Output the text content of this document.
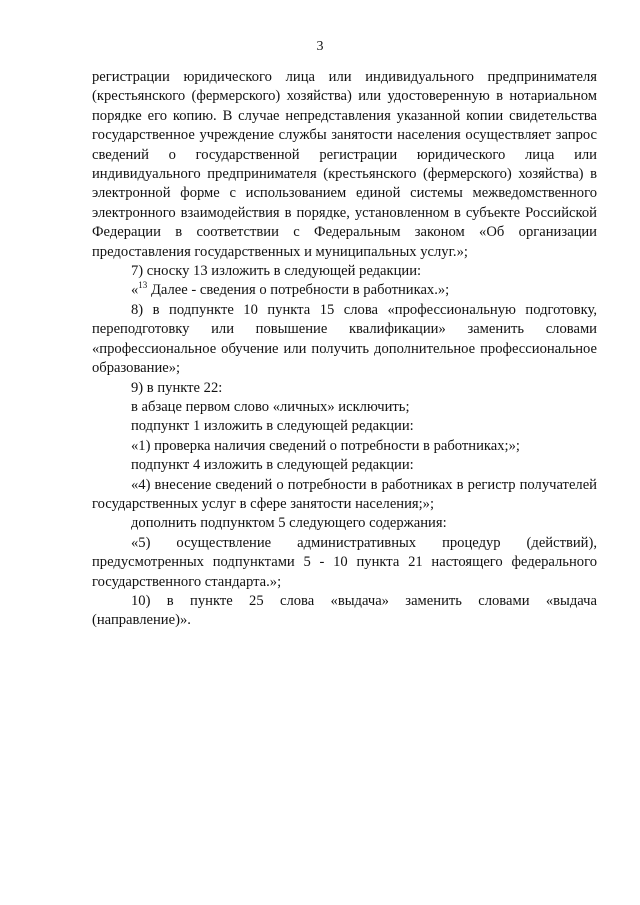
3

регистрации юридического лица или индивидуального предпринимателя (крестьянского (фермерского) хозяйства) или удостоверенную в нотариальном порядке его копию. В случае непредставления указанной копии свидетельства государственное учреждение службы занятости населения осуществляет запрос сведений о государственной регистрации юридического лица или индивидуального предпринимателя (крестьянского (фермерского) хозяйства) в электронной форме с использованием единой системы межведомственного электронного взаимодействия в порядке, установленном в субъекте Российской Федерации в соответствии с Федеральным законом «Об организации предоставления государственных и муниципальных услуг.»;

7) сноску 13 изложить в следующей редакции:

«$^{13}$ Далее - сведения о потребности в работниках.»;

8) в подпункте 10 пункта 15 слова «профессиональную подготовку, переподготовку или повышение квалификации» заменить словами «профессиональное обучение или получить дополнительное профессиональное образование»;

9) в пункте 22:

в абзаце первом слово «личных» исключить;

подпункт 1 изложить в следующей редакции:

«1) проверка наличия сведений о потребности в работниках;»;

подпункт 4 изложить в следующей редакции:

«4) внесение сведений о потребности в работниках в регистр получателей государственных услуг в сфере занятости населения;»;

дополнить подпунктом 5 следующего содержания:

«5) осуществление административных процедур (действий), предусмотренных подпунктами 5 - 10 пункта 21 настоящего федерального государственного стандарта.»;

10) в пункте 25 слова «выдача» заменить словами «выдача (направление)».
